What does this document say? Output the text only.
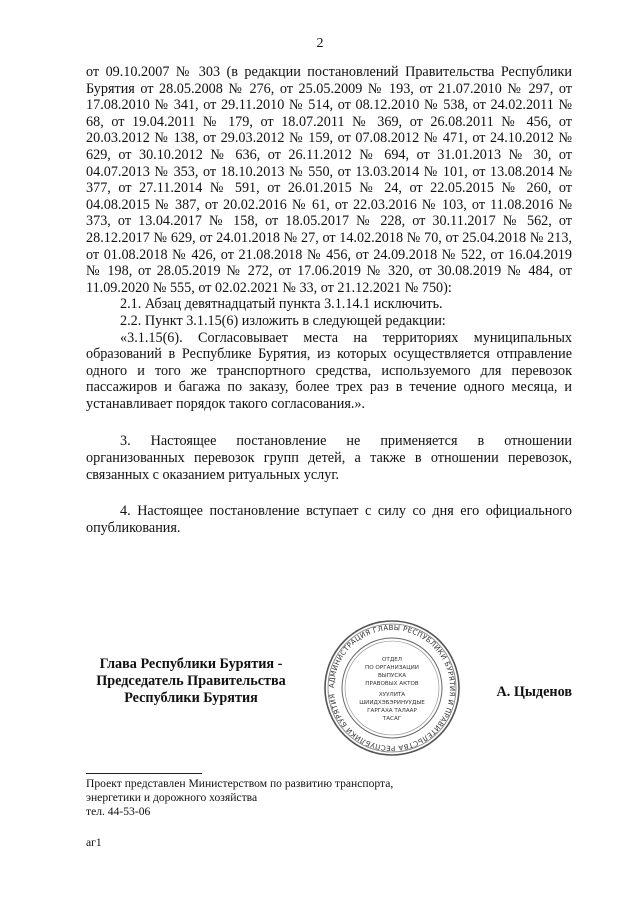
2

от 09.10.2007 № 303 (в редакции постановлений Правительства Республики Бурятия от 28.05.2008 № 276, от 25.05.2009 № 193, от 21.07.2010 № 297, от 17.08.2010 № 341, от 29.11.2010 № 514, от 08.12.2010 № 538, от 24.02.2011 № 68, от 19.04.2011 № 179, от 18.07.2011 № 369, от 26.08.2011 № 456, от 20.03.2012 № 138, от 29.03.2012 № 159, от 07.08.2012 № 471, от 24.10.2012 № 629, от 30.10.2012 № 636, от 26.11.2012 № 694, от 31.01.2013 № 30, от 04.07.2013 № 353, от 18.10.2013 № 550, от 13.03.2014 № 101, от 13.08.2014 № 377, от 27.11.2014 № 591, от 26.01.2015 № 24, от 22.05.2015 № 260, от 04.08.2015 № 387, от 20.02.2016 № 61, от 22.03.2016 № 103, от 11.08.2016 № 373, от 13.04.2017 № 158, от 18.05.2017 № 228, от 30.11.2017 № 562, от 28.12.2017 № 629, от 24.01.2018 № 27, от 14.02.2018 № 70, от 25.04.2018 № 213, от 01.08.2018 № 426, от 21.08.2018 № 456, от 24.09.2018 № 522, от 16.04.2019 № 198, от 28.05.2019 № 272, от 17.06.2019 № 320, от 30.08.2019 № 484, от 11.09.2020 № 555, от 02.02.2021 № 33, от 21.12.2021 № 750):

2.1. Абзац девятнадцатый пункта 3.1.14.1 исключить.

2.2. Пункт 3.1.15(6) изложить в следующей редакции:

«3.1.15(6). Согласовывает места на территориях муниципальных образований в Республике Бурятия, из которых осуществляется отправление одного и того же транспортного средства, используемого для перевозок пассажиров и багажа по заказу, более трех раз в течение одного месяца, и устанавливает порядок такого согласования.».

3. Настоящее постановление не применяется в отношении организованных перевозок групп детей, а также в отношении перевозок, связанных с оказанием ритуальных услуг.

4. Настоящее постановление вступает с силу со дня его официального опубликования.

Глава Республики Бурятия -
Председатель Правительства
Республики Бурятия
АДМИНИСТРАЦИЯ ГЛАВЫ РЕСПУБЛИКИ БУРЯТИЯ И ПРАВИТЕЛЬСТВА РЕСПУБЛИКИ БУРЯТИЯ
ОТДЕЛ
ПО ОРГАНИЗАЦИИ
ВЫПУСКА
ПРАВОВЫХ АКТОВ
ХУУЛИТА
ШИИДХЭБЭРИНУУДЫЕ
ГАРГАХА ТАЛААР
ТАСАГ
А. Цыденов
Проект представлен Министерством по развитию транспорта,
энергетики и дорожного хозяйства
тел. 44-53-06
аг1
